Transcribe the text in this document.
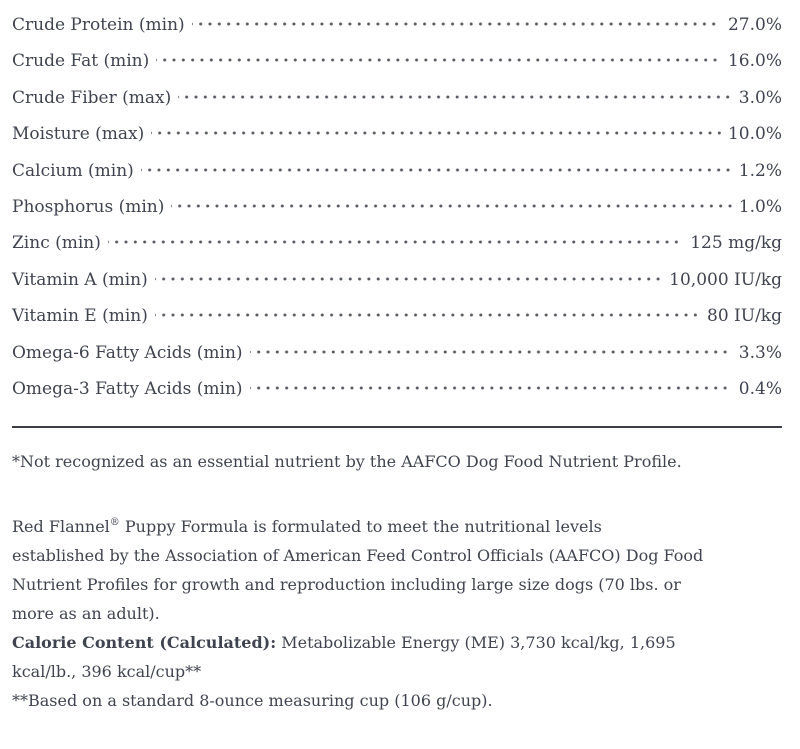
Crude Protein (min)	27.0%
Crude Fat (min)	16.0%
Crude Fiber (max)	3.0%
Moisture (max)	10.0%
Calcium (min)	1.2%
Phosphorus (min)	1.0%
Zinc (min)	125 mg/kg
Vitamin A (min)	10,000 IU/kg
Vitamin E (min)	80 IU/kg
Omega-6 Fatty Acids (min)	3.3%
Omega-3 Fatty Acids (min)	0.4%

*Not recognized as an essential nutrient by the AAFCO Dog Food Nutrient Profile.

Red Flannel® Puppy Formula is formulated to meet the nutritional levels
established by the Association of American Feed Control Officials (AAFCO) Dog Food
Nutrient Profiles for growth and reproduction including large size dogs (70 lbs. or
more as an adult).
Calorie Content (Calculated): Metabolizable Energy (ME) 3,730 kcal/kg, 1,695
kcal/lb., 396 kcal/cup**
**Based on a standard 8-ounce measuring cup (106 g/cup).
